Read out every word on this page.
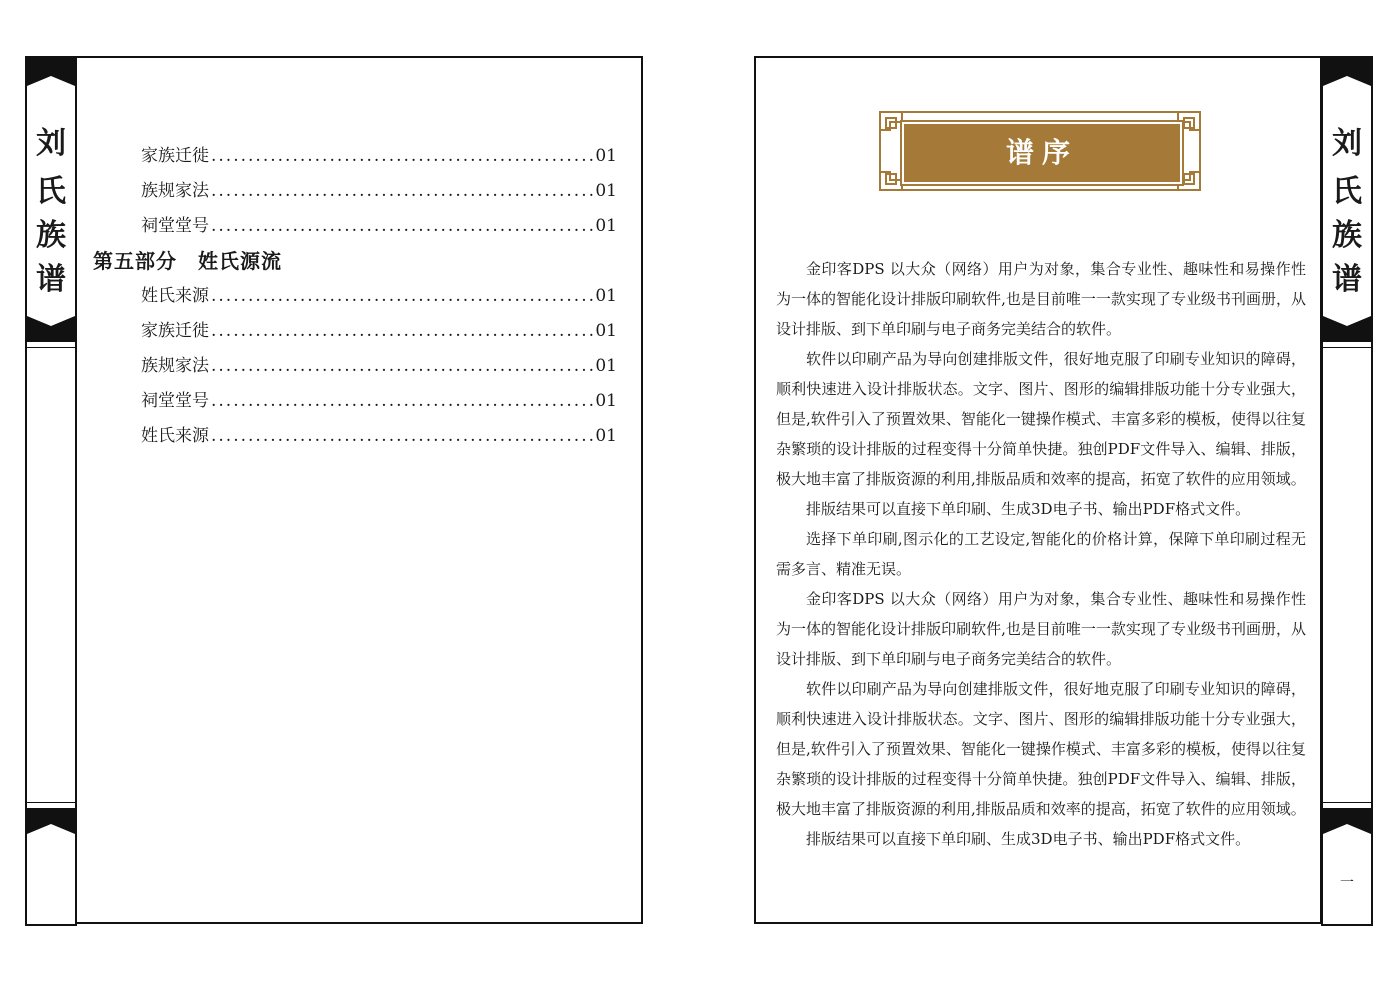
刘
氏
族
谱
家族迁徙 .....	01
族规家法 .....	01
祠堂堂号 .....	01
第五部分　姓氏源流
姓氏来源 .....	01
家族迁徙 .....	01
族规家法 .....	01
祠堂堂号 .....	01
姓氏来源 .....	01
谱序

金印客DPS 以大众（网络）用户为对象，集合专业性、趣味性和易操作性为一体的智能化设计排版印刷软件,也是目前唯一一款实现了专业级书刊画册，从设计排版、到下单印刷与电子商务完美结合的软件。

软件以印刷产品为导向创建排版文件，很好地克服了印刷专业知识的障碍，顺利快速进入设计排版状态。文字、图片、图形的编辑排版功能十分专业强大，但是,软件引入了预置效果、智能化一键操作模式、丰富多彩的模板，使得以往复杂繁琐的设计排版的过程变得十分简单快捷。独创PDF文件导入、编辑、排版，极大地丰富了排版资源的利用,排版品质和效率的提高，拓宽了软件的应用领域。

排版结果可以直接下单印刷、生成3D电子书、输出PDF格式文件。

选择下单印刷,图示化的工艺设定,智能化的价格计算，保障下单印刷过程无需多言、精准无误。

金印客DPS 以大众（网络）用户为对象，集合专业性、趣味性和易操作性为一体的智能化设计排版印刷软件,也是目前唯一一款实现了专业级书刊画册，从设计排版、到下单印刷与电子商务完美结合的软件。

软件以印刷产品为导向创建排版文件，很好地克服了印刷专业知识的障碍，顺利快速进入设计排版状态。文字、图片、图形的编辑排版功能十分专业强大，但是,软件引入了预置效果、智能化一键操作模式、丰富多彩的模板，使得以往复杂繁琐的设计排版的过程变得十分简单快捷。独创PDF文件导入、编辑、排版，极大地丰富了排版资源的利用,排版品质和效率的提高，拓宽了软件的应用领域。

排版结果可以直接下单印刷、生成3D电子书、输出PDF格式文件。

刘
氏
族
谱
一
